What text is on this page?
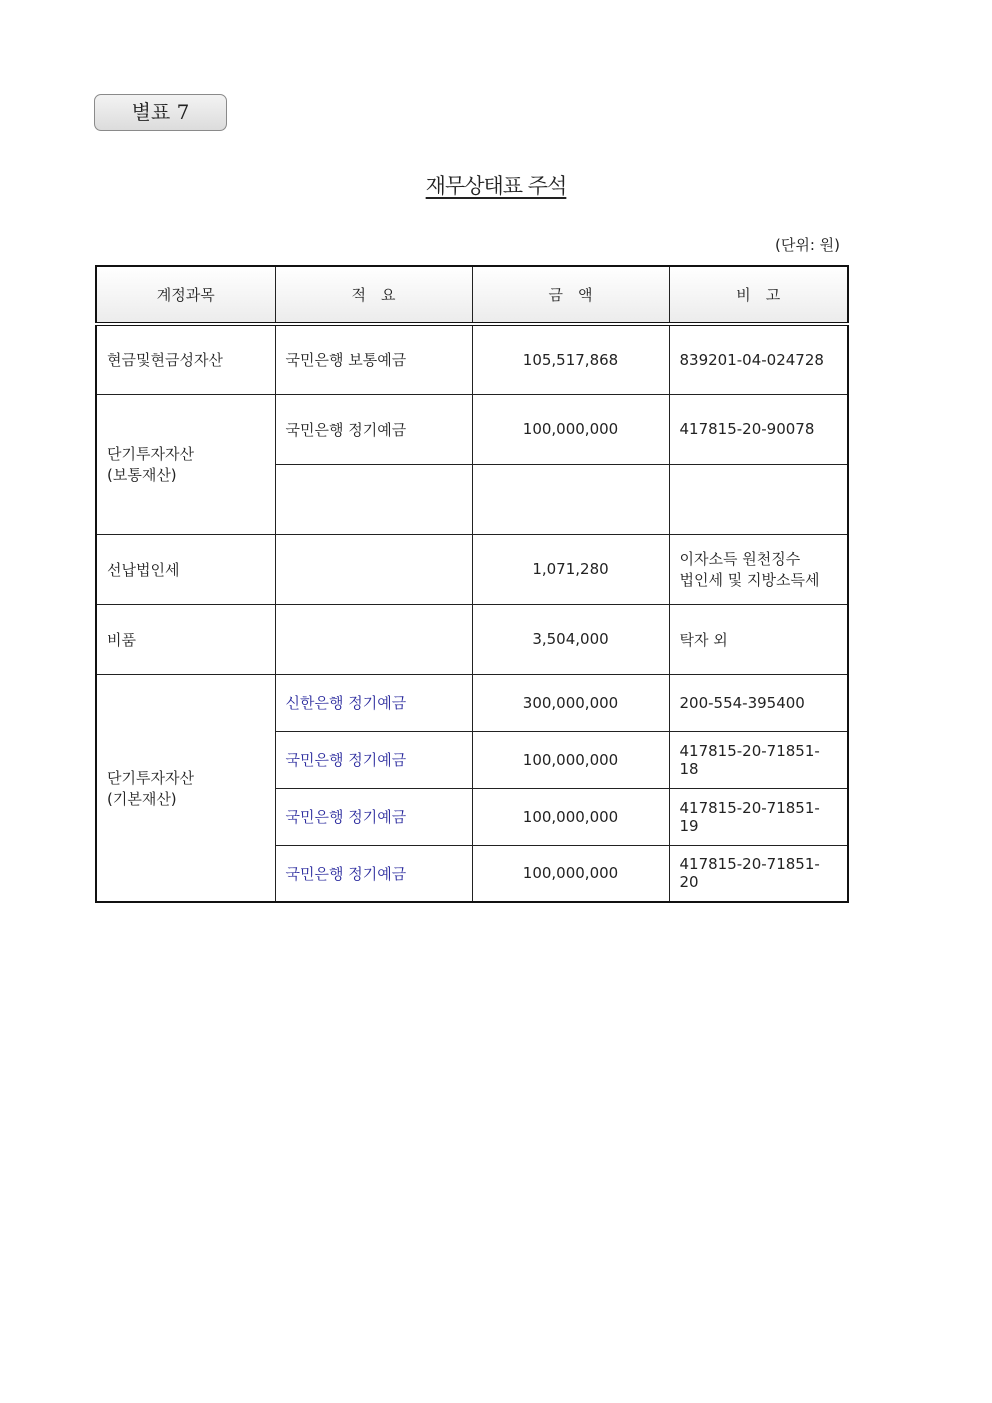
별표 7
재무상태표 주석
(단위: 원)
계정과목	적　요	금　액	비　고
현금및현금성자산	국민은행 보통예금	105,517,868	839201-04-024728

단기투자자산
(보통재산)	국민은행 정기예금	100,000,000	417815-20-90078

선납법인세		1,071,280	이자소득 원천징수
법인세 및 지방소득세

비품		3,504,000	탁자 외

단기투자자산
(기본재산)	신한은행 정기예금	300,000,000	200-554-395400
	국민은행 정기예금	100,000,000	417815-20-71851-18
	국민은행 정기예금	100,000,000	417815-20-71851-19
	국민은행 정기예금	100,000,000	417815-20-71851-20
